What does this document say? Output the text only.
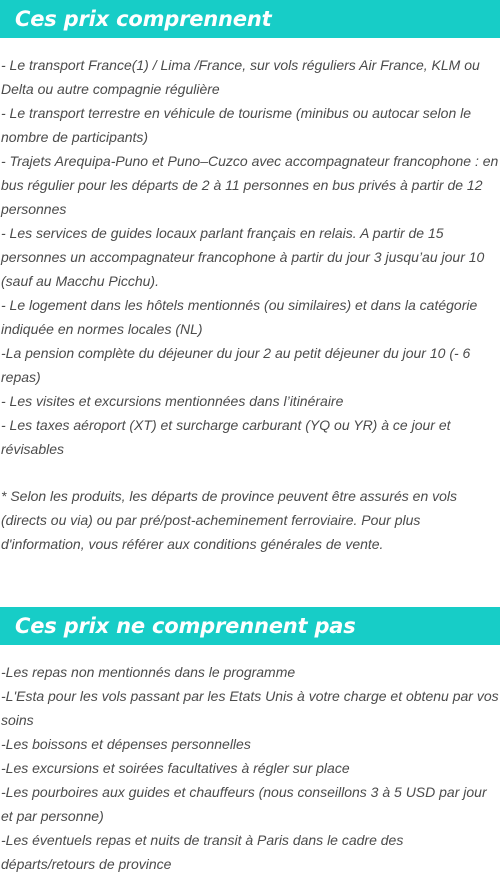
Ces prix comprennent
- Le transport France(1) / Lima /France, sur vols réguliers Air France, KLM ou Delta ou autre compagnie régulière
- Le transport terrestre en véhicule de tourisme (minibus ou autocar selon le nombre de participants)
- Trajets Arequipa-Puno et Puno–Cuzco avec accompagnateur francophone : en bus régulier pour les départs de 2 à 11 personnes en bus privés à partir de 12 personnes
- Les services de guides locaux parlant français en relais. A partir de 15 personnes un accompagnateur francophone à partir du jour 3 jusqu’au jour 10 (sauf au Macchu Picchu).
- Le logement dans les hôtels mentionnés (ou similaires) et dans la catégorie indiquée en normes locales (NL)
-La pension complète du déjeuner du jour 2 au petit déjeuner du jour 10 (- 6 repas)
- Les visites et excursions mentionnées dans l’itinéraire
- Les taxes aéroport (XT) et surcharge carburant (YQ ou YR) à ce jour et révisables

* Selon les produits, les départs de province peuvent être assurés en vols (directs ou via) ou par pré/post-acheminement ferroviaire. Pour plus d'information, vous référer aux conditions générales de vente.

Ces prix ne comprennent pas
-Les repas non mentionnés dans le programme
-L'Esta pour les vols passant par les Etats Unis à votre charge et obtenu par vos soins
-Les boissons et dépenses personnelles
-Les excursions et soirées facultatives à régler sur place
-Les pourboires aux guides et chauffeurs (nous conseillons 3 à 5 USD par jour et par personne)
-Les éventuels repas et nuits de transit à Paris dans le cadre des départs/retours de province
